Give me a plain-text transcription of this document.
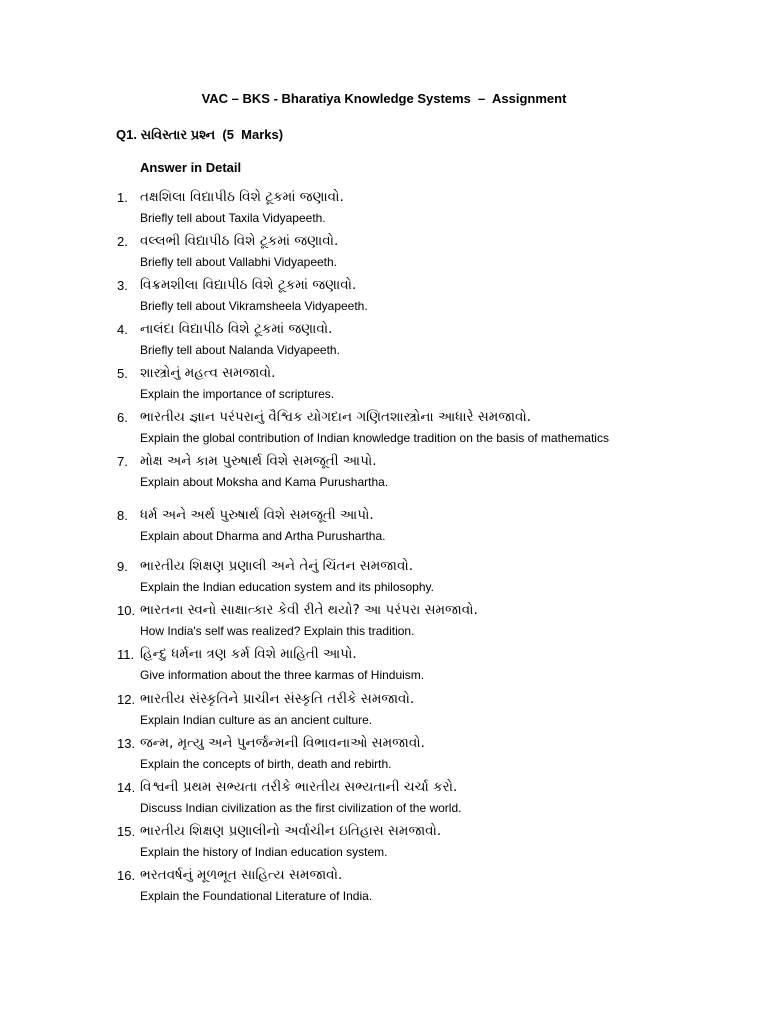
VAC – BKS - Bharatiya Knowledge Systems  –  Assignment
Q1. સવિસ્તાર પ્રશ્ન  (5  Marks)
Answer in Detail
1. તક્ષશિલા વિદ્યાપીઠ વિશે ટૂકમાં જણાવો.
Briefly tell about Taxila Vidyapeeth.
2. વલ્લભી વિદ્યાપીઠ વિશે ટૂકમાં જણાવો.
Briefly tell about Vallabhi Vidyapeeth.
3. વિક્રમશીલા વિદ્યાપીઠ વિશે ટૂકમાં જણાવો.
Briefly tell about Vikramsheela Vidyapeeth.
4. નાલંદા વિદ્યાપીઠ વિશે ટૂકમાં જણાવો.
Briefly tell about Nalanda Vidyapeeth.
5. શાસ્ત્રોનું મહત્વ સમજાવો.
Explain the importance of scriptures.
6. ભારતીય જ્ઞાન પરંપરાનું વૈશ્વિક યોગદાન ગણિતશાસ્ત્રોના આધારે સમજાવો.
Explain the global contribution of Indian knowledge tradition on the basis of mathematics
7. મોક્ષ અને કામ પુરુષાર્થ વિશે સમજૂતી આપો.
Explain about Moksha and Kama Purushartha.
8. ધર્મ અને અર્થ પુરુષાર્થ વિશે સમજૂતી આપો.
Explain about Dharma and Artha Purushartha.
9. ભારતીય શિક્ષણ પ્રણાલી અને તેનું ચિંતન સમજાવો.
Explain the Indian education system and its philosophy.
10. ભારતના સ્વનો સાક્ષાત્કાર કેવી રીતે થયો? આ પરંપરા સમજાવો.
How India's self was realized? Explain this tradition.
11. હિન્દુ ધર્મના ત્રણ કર્મ વિશે માહિતી આપો.
Give information about the three karmas of Hinduism.
12. ભારતીય સંસ્કૃતિને પ્રાચીન સંસ્કૃતિ તરીકે સમજાવો.
Explain Indian culture as an ancient culture.
13. જન્મ, મૃત્યુ અને પુનર્જન્મની વિભાવનાઓ સમજાવો.
Explain the concepts of birth, death and rebirth.
14. વિશ્વની પ્રથમ સભ્યતા તરીકે ભારતીય સભ્યતાની ચર્ચા કરો.
Discuss Indian civilization as the first civilization of the world.
15. ભારતીય શિક્ષણ પ્રણાલીનો અર્વાચીન ઇતિહાસ સમજાવો.
Explain the history of Indian education system.
16. ભરતવર્ષનું મૂળભૂત સાહિત્ય સમજાવો.
Explain the Foundational Literature of India.
